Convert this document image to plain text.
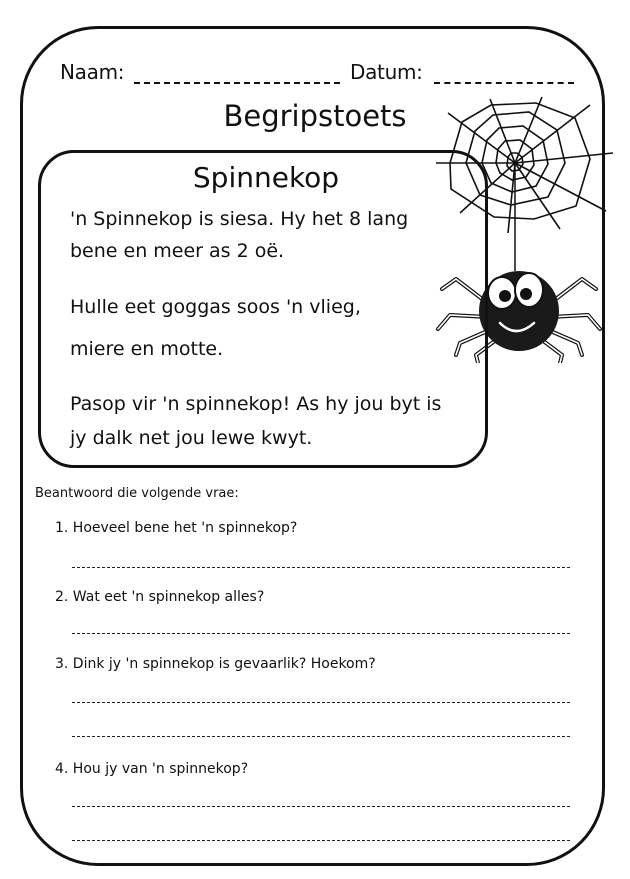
Naam:	Datum:
Begripstoets
Spinnekop
'n Spinnekop is siesa. Hy het 8 lang
bene en meer as 2 oë.
Hulle eet goggas soos 'n vlieg,
miere en motte.
Pasop vir 'n spinnekop! As hy jou byt is
jy dalk net jou lewe kwyt.
Beantwoord die volgende vrae:
1. Hoeveel bene het 'n spinnekop?
2. Wat eet 'n spinnekop alles?
3. Dink jy 'n spinnekop is gevaarlik? Hoekom?
4. Hou jy van 'n spinnekop?
